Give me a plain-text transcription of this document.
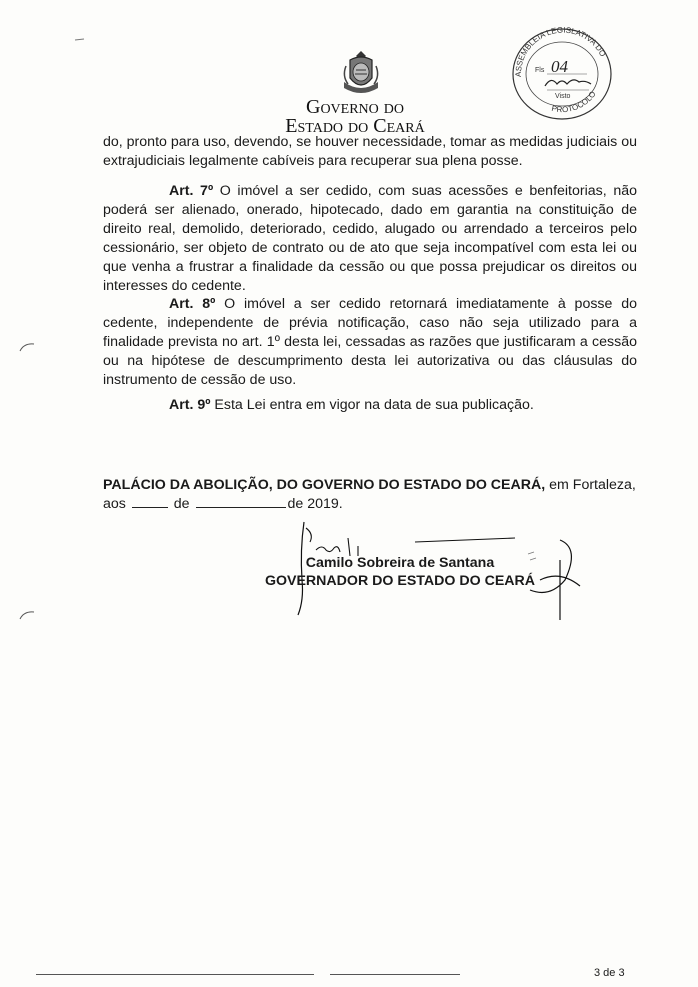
Governo do
Estado do Ceará
ASSEMBLEIA LEGISLATIVA DO
PROTOCOLO
Fls 04
Visto
do, pronto para uso, devendo, se houver necessidade, tomar as medidas judiciais ou extrajudiciais legalmente cabíveis para recuperar sua plena posse.
Art. 7º O imóvel a ser cedido, com suas acessões e benfeitorias, não poderá ser alienado, onerado, hipotecado, dado em garantia na constituição de direito real, demolido, deteriorado, cedido, alugado ou arrendado a terceiros pelo cessionário, ser objeto de contrato ou de ato que seja incompatível com esta lei ou que venha a frustrar a finalidade da cessão ou que possa prejudicar os direitos ou interesses do cedente.
Art. 8º O imóvel a ser cedido retornará imediatamente à posse do cedente, independente de prévia notificação, caso não seja utilizado para a finalidade prevista no art. 1º desta lei, cessadas as razões que justificaram a cessão ou na hipótese de descumprimento desta lei autorizativa ou das cláusulas do instrumento de cessão de uso.
Art. 9º Esta Lei entra em vigor na data de sua publicação.
PALÁCIO DA ABOLIÇÃO, DO GOVERNO DO ESTADO DO CEARÁ, em Fortaleza,
aos	de	de 2019.
Camilo Sobreira de Santana
GOVERNADOR DO ESTADO DO CEARÁ
3 de 3
